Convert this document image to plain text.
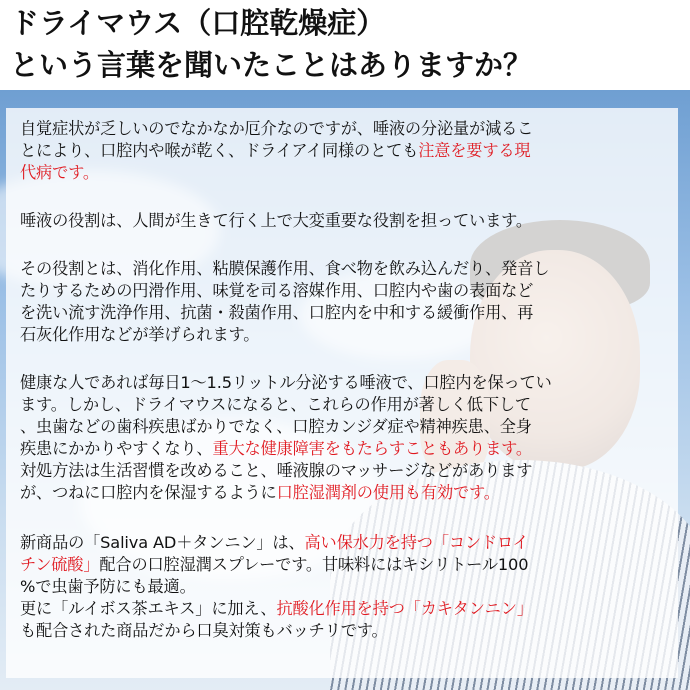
ドライマウス（口腔乾燥症）

という言葉を聞いたことはありますか？

自覚症状が乏しいのでなかなか厄介なのですが、唾液の分泌量が減るこ

とにより、口腔内や喉が乾く、ドライアイ同様のとても注意を要する現

代病です。

唾液の役割は、人間が生きて行く上で大変重要な役割を担っています。

その役割とは、消化作用、粘膜保護作用、食べ物を飲み込んだり、発音し

たりするための円滑作用、味覚を司る溶媒作用、口腔内や歯の表面など

を洗い流す洗浄作用、抗菌・殺菌作用、口腔内を中和する緩衝作用、再

石灰化作用などが挙げられます。

健康な人であれば毎日1～1.5リットル分泌する唾液で、口腔内を保ってい

ます。しかし、ドライマウスになると、これらの作用が著しく低下して

、虫歯などの歯科疾患ばかりでなく、口腔カンジダ症や精神疾患、全身

疾患にかかりやすくなり、重大な健康障害をもたらすこともあります。

対処方法は生活習慣を改めること、唾液腺のマッサージなどがあります

が、つねに口腔内を保湿するように口腔湿潤剤の使用も有効です。

新商品の「Saliva AD＋タンニン」は、高い保水力を持つ「コンドロイ

チン硫酸」配合の口腔湿潤スプレーです。甘味料にはキシリトール100

%で虫歯予防にも最適。

更に「ルイボス茶エキス」に加え、抗酸化作用を持つ「カキタンニン」

も配合された商品だから口臭対策もバッチリです。
